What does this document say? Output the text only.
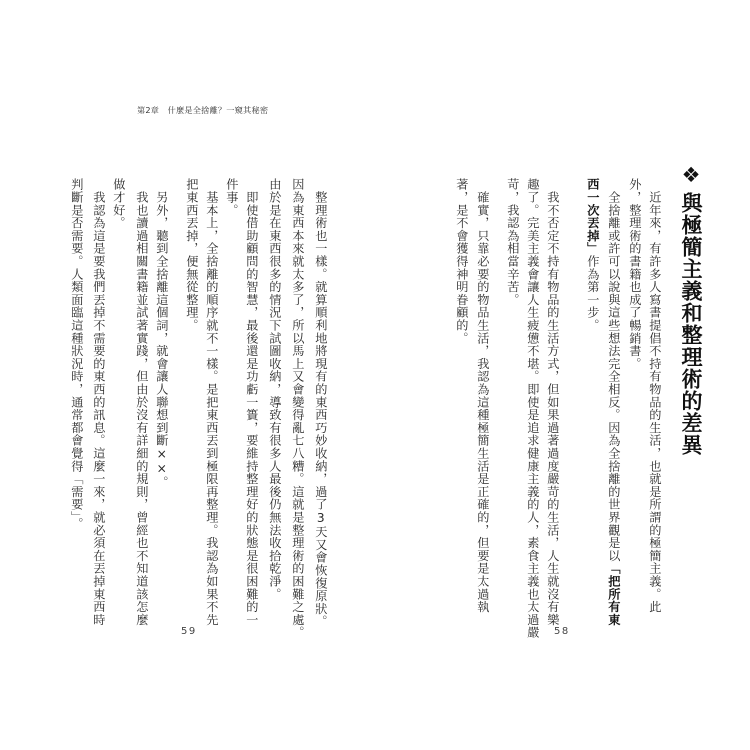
第2章　什麼是全捨離？一窺其秘密
　整理術也一樣。就算順利地將現有的東西巧妙收納，過了3天又會恢復原狀。
因為東西本來就太多了，所以馬上又會變得亂七八糟。這就是整理術的困難之處。
由於是在東西很多的情況下試圖收納，導致有很多人最後仍無法收拾乾淨。
　即使借助顧問的智慧，最後還是功虧一簣，要維持整理好的狀態是很困難的一
件事。
　基本上，全捨離的順序就不一樣。是把東西丟到極限再整理。我認為如果不先
把東西丟掉，便無從整理。
　另外，聽到全捨離這個詞，就會讓人聯想到斷××。
　我也讀過相關書籍並試著實踐，但由於沒有詳細的規則，曾經也不知道該怎麼
做才好。
　我認為這是要我們丟掉不需要的東西的訊息。這麼一來，就必須在丟掉東西時
判斷是否需要。人類面臨這種狀況時，通常都會覺得「需要」。
59
❖與極簡主義和整理術的差異
　近年來，有許多人寫書提倡不持有物品的生活，也就是所謂的極簡主義。此
外，整理術的書籍也成了暢銷書。
　全捨離或許可以說與這些想法完全相反。因為全捨離的世界觀是以「把所有東
西一次丟掉」作為第一步。
　我不否定不持有物品的生活方式，但如果過著過度嚴苛的生活，人生就沒有樂
趣了。完美主義會讓人生疲憊不堪。即使是追求健康主義的人，素食主義也太過嚴
苛，我認為相當辛苦。
　確實，只靠必要的物品生活，我認為這種極簡生活是正確的，但要是太過執
著，是不會獲得神明眷顧的。
58
